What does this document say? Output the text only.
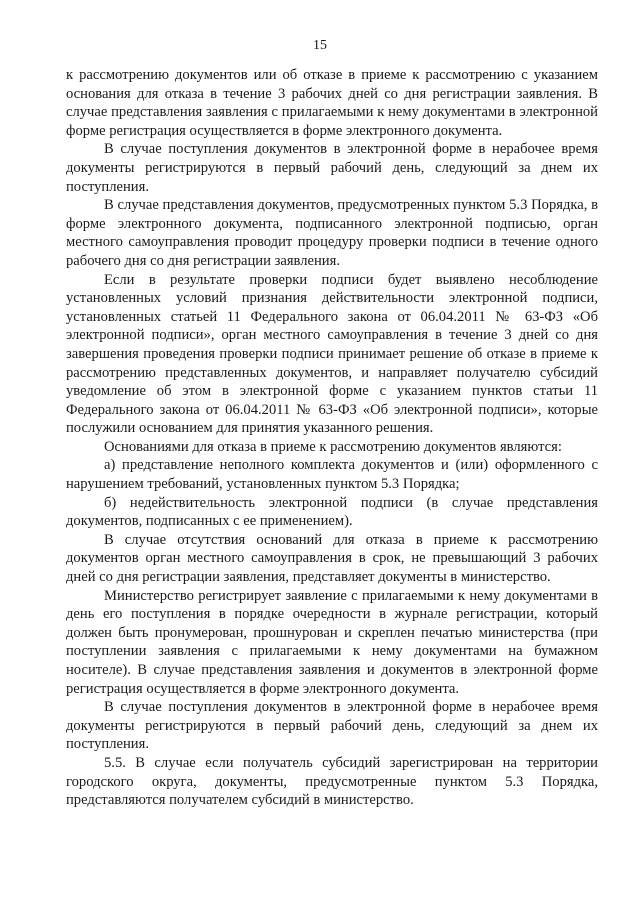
15

к рассмотрению документов или об отказе в приеме к рассмотрению с указанием основания для отказа в течение 3 рабочих дней со дня регистрации заявления. В случае представления заявления с прилагаемыми к нему документами в электронной форме регистрация осуществляется в форме электронного документа.

В случае поступления документов в электронной форме в нерабочее время документы регистрируются в первый рабочий день, следующий за днем их поступления.

В случае представления документов, предусмотренных пунктом 5.3 Порядка, в форме электронного документа, подписанного электронной подписью, орган местного самоуправления проводит процедуру проверки подписи в течение одного рабочего дня со дня регистрации заявления.

Если в результате проверки подписи будет выявлено несоблюдение установленных условий признания действительности электронной подписи, установленных статьей 11 Федерального закона от 06.04.2011 № 63-ФЗ «Об электронной подписи», орган местного самоуправления в течение 3 дней со дня завершения проведения проверки подписи принимает решение об отказе в приеме к рассмотрению представленных документов, и направляет получателю субсидий уведомление об этом в электронной форме с указанием пунктов статьи 11 Федерального закона от 06.04.2011 № 63-ФЗ «Об электронной подписи», которые послужили основанием для принятия указанного решения.

Основаниями для отказа в приеме к рассмотрению документов являются:

а) представление неполного комплекта документов и (или) оформленного с нарушением требований, установленных пунктом 5.3 Порядка;

б) недействительность электронной подписи (в случае представления документов, подписанных с ее применением).

В случае отсутствия оснований для отказа в приеме к рассмотрению документов орган местного самоуправления в срок, не превышающий 3 рабочих дней со дня регистрации заявления, представляет документы в министерство.

Министерство регистрирует заявление с прилагаемыми к нему документами в день его поступления в порядке очередности в журнале регистрации, который должен быть пронумерован, прошнурован и скреплен печатью министерства (при поступлении заявления с прилагаемыми к нему документами на бумажном носителе). В случае представления заявления и документов в электронной форме регистрация осуществляется в форме электронного документа.

В случае поступления документов в электронной форме в нерабочее время документы регистрируются в первый рабочий день, следующий за днем их поступления.

5.5. В случае если получатель субсидий зарегистрирован на территории городского округа, документы, предусмотренные пунктом 5.3 Порядка, представляются получателем субсидий в министерство.
